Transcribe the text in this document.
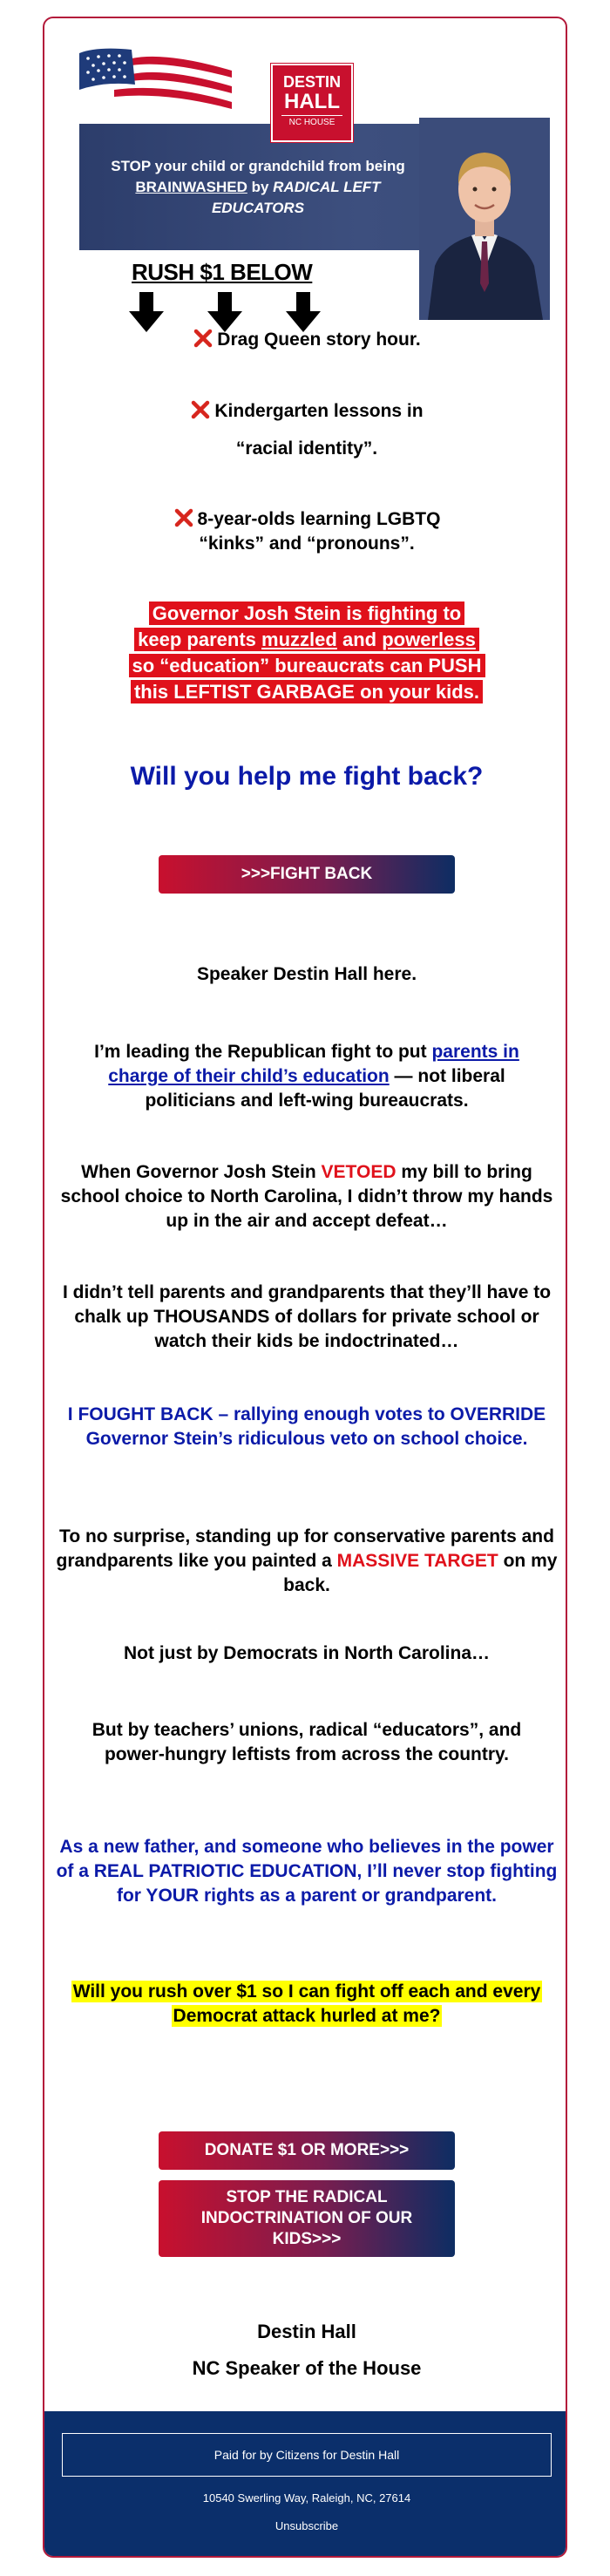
DESTIN
HALL
NC HOUSE
STOP your child or grandchild from being
BRAINWASHED by RADICAL LEFT EDUCATORS
RUSH $1 BELOW
Drag Queen story hour.
Kindergarten lessons in
“racial identity”.
8-year-olds learning LGBTQ
“kinks” and “pronouns”.
Governor Josh Stein is fighting to
keep parents muzzled and powerless
so “education” bureaucrats can PUSH
this LEFTIST GARBAGE on your kids.
Will you help me fight back?
>>>FIGHT BACK
Speaker Destin Hall here.
I’m leading the Republican fight to put parents in charge of their child’s education — not liberal politicians and left-wing bureaucrats.
When Governor Josh Stein VETOED my bill to bring school choice to North Carolina, I didn’t throw my hands up in the air and accept defeat…
I didn’t tell parents and grandparents that they’ll have to chalk up THOUSANDS of dollars for private school or watch their kids be indoctrinated…
I FOUGHT BACK – rallying enough votes to OVERRIDE Governor Stein’s ridiculous veto on school choice.
To no surprise, standing up for conservative parents and grandparents like you painted a MASSIVE TARGET on my back.
Not just by Democrats in North Carolina…
But by teachers’ unions, radical “educators”, and power-hungry leftists from across the country.
As a new father, and someone who believes in the power of a REAL PATRIOTIC EDUCATION, I’ll never stop fighting for YOUR rights as a parent or grandparent.
Will you rush over $1 so I can fight off each and every Democrat attack hurled at me?
DONATE $1 OR MORE>>>
STOP THE RADICAL INDOCTRINATION OF OUR KIDS>>>
Destin Hall
NC Speaker of the House
Paid for by Citizens for Destin Hall
10540 Swerling Way, Raleigh, NC, 27614
Unsubscribe
